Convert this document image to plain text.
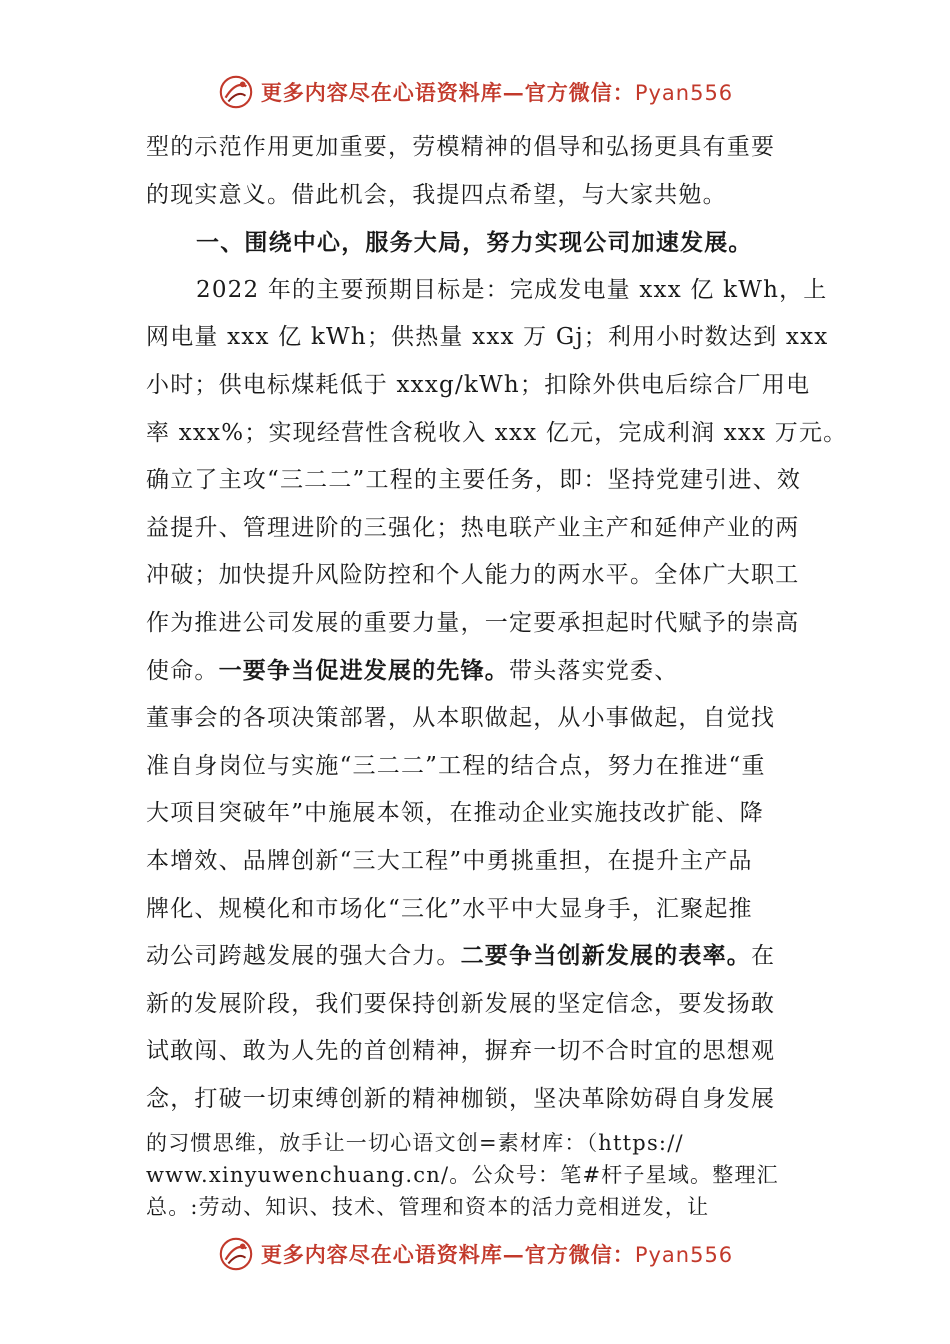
更多内容尽在心语资料库—官方微信：Pyan556
型的示范作用更加重要，劳模精神的倡导和弘扬更具有重要
的现实意义。借此机会，我提四点希望，与大家共勉。
一、围绕中心，服务大局，努力实现公司加速发展。
2022 年的主要预期目标是：完成发电量 xxx 亿 kWh，上
网电量 xxx 亿 kWh；供热量 xxx 万 Gj；利用小时数达到 xxx
小时；供电标煤耗低于 xxxg/kWh；扣除外供电后综合厂用电
率 xxx%；实现经营性含税收入 xxx 亿元，完成利润 xxx 万元。
确立了主攻“三二二”工程的主要任务，即：坚持党建引进、效
益提升、管理进阶的三强化；热电联产业主产和延伸产业的两
冲破；加快提升风险防控和个人能力的两水平。全体广大职工
作为推进公司发展的重要力量，一定要承担起时代赋予的崇高
使命。一要争当促进发展的先锋。带头落实党委、
董事会的各项决策部署，从本职做起，从小事做起，自觉找
准自身岗位与实施“三二二”工程的结合点，努力在推进“重
大项目突破年”中施展本领，在推动企业实施技改扩能、降
本增效、品牌创新“三大工程”中勇挑重担，在提升主产品
牌化、规模化和市场化“三化”水平中大显身手，汇聚起推
动公司跨越发展的强大合力。二要争当创新发展的表率。在
新的发展阶段，我们要保持创新发展的坚定信念，要发扬敢
试敢闯、敢为人先的首创精神，摒弃一切不合时宜的思想观
念，打破一切束缚创新的精神枷锁，坚决革除妨碍自身发展
的习惯思维，放手让一切心语文创=素材库：（https://
www.xinyuwenchuang.cn/。公众号：笔#杆子星域。整理汇
总。:劳动、知识、技术、管理和资本的活力竞相迸发，让
更多内容尽在心语资料库—官方微信：Pyan556
